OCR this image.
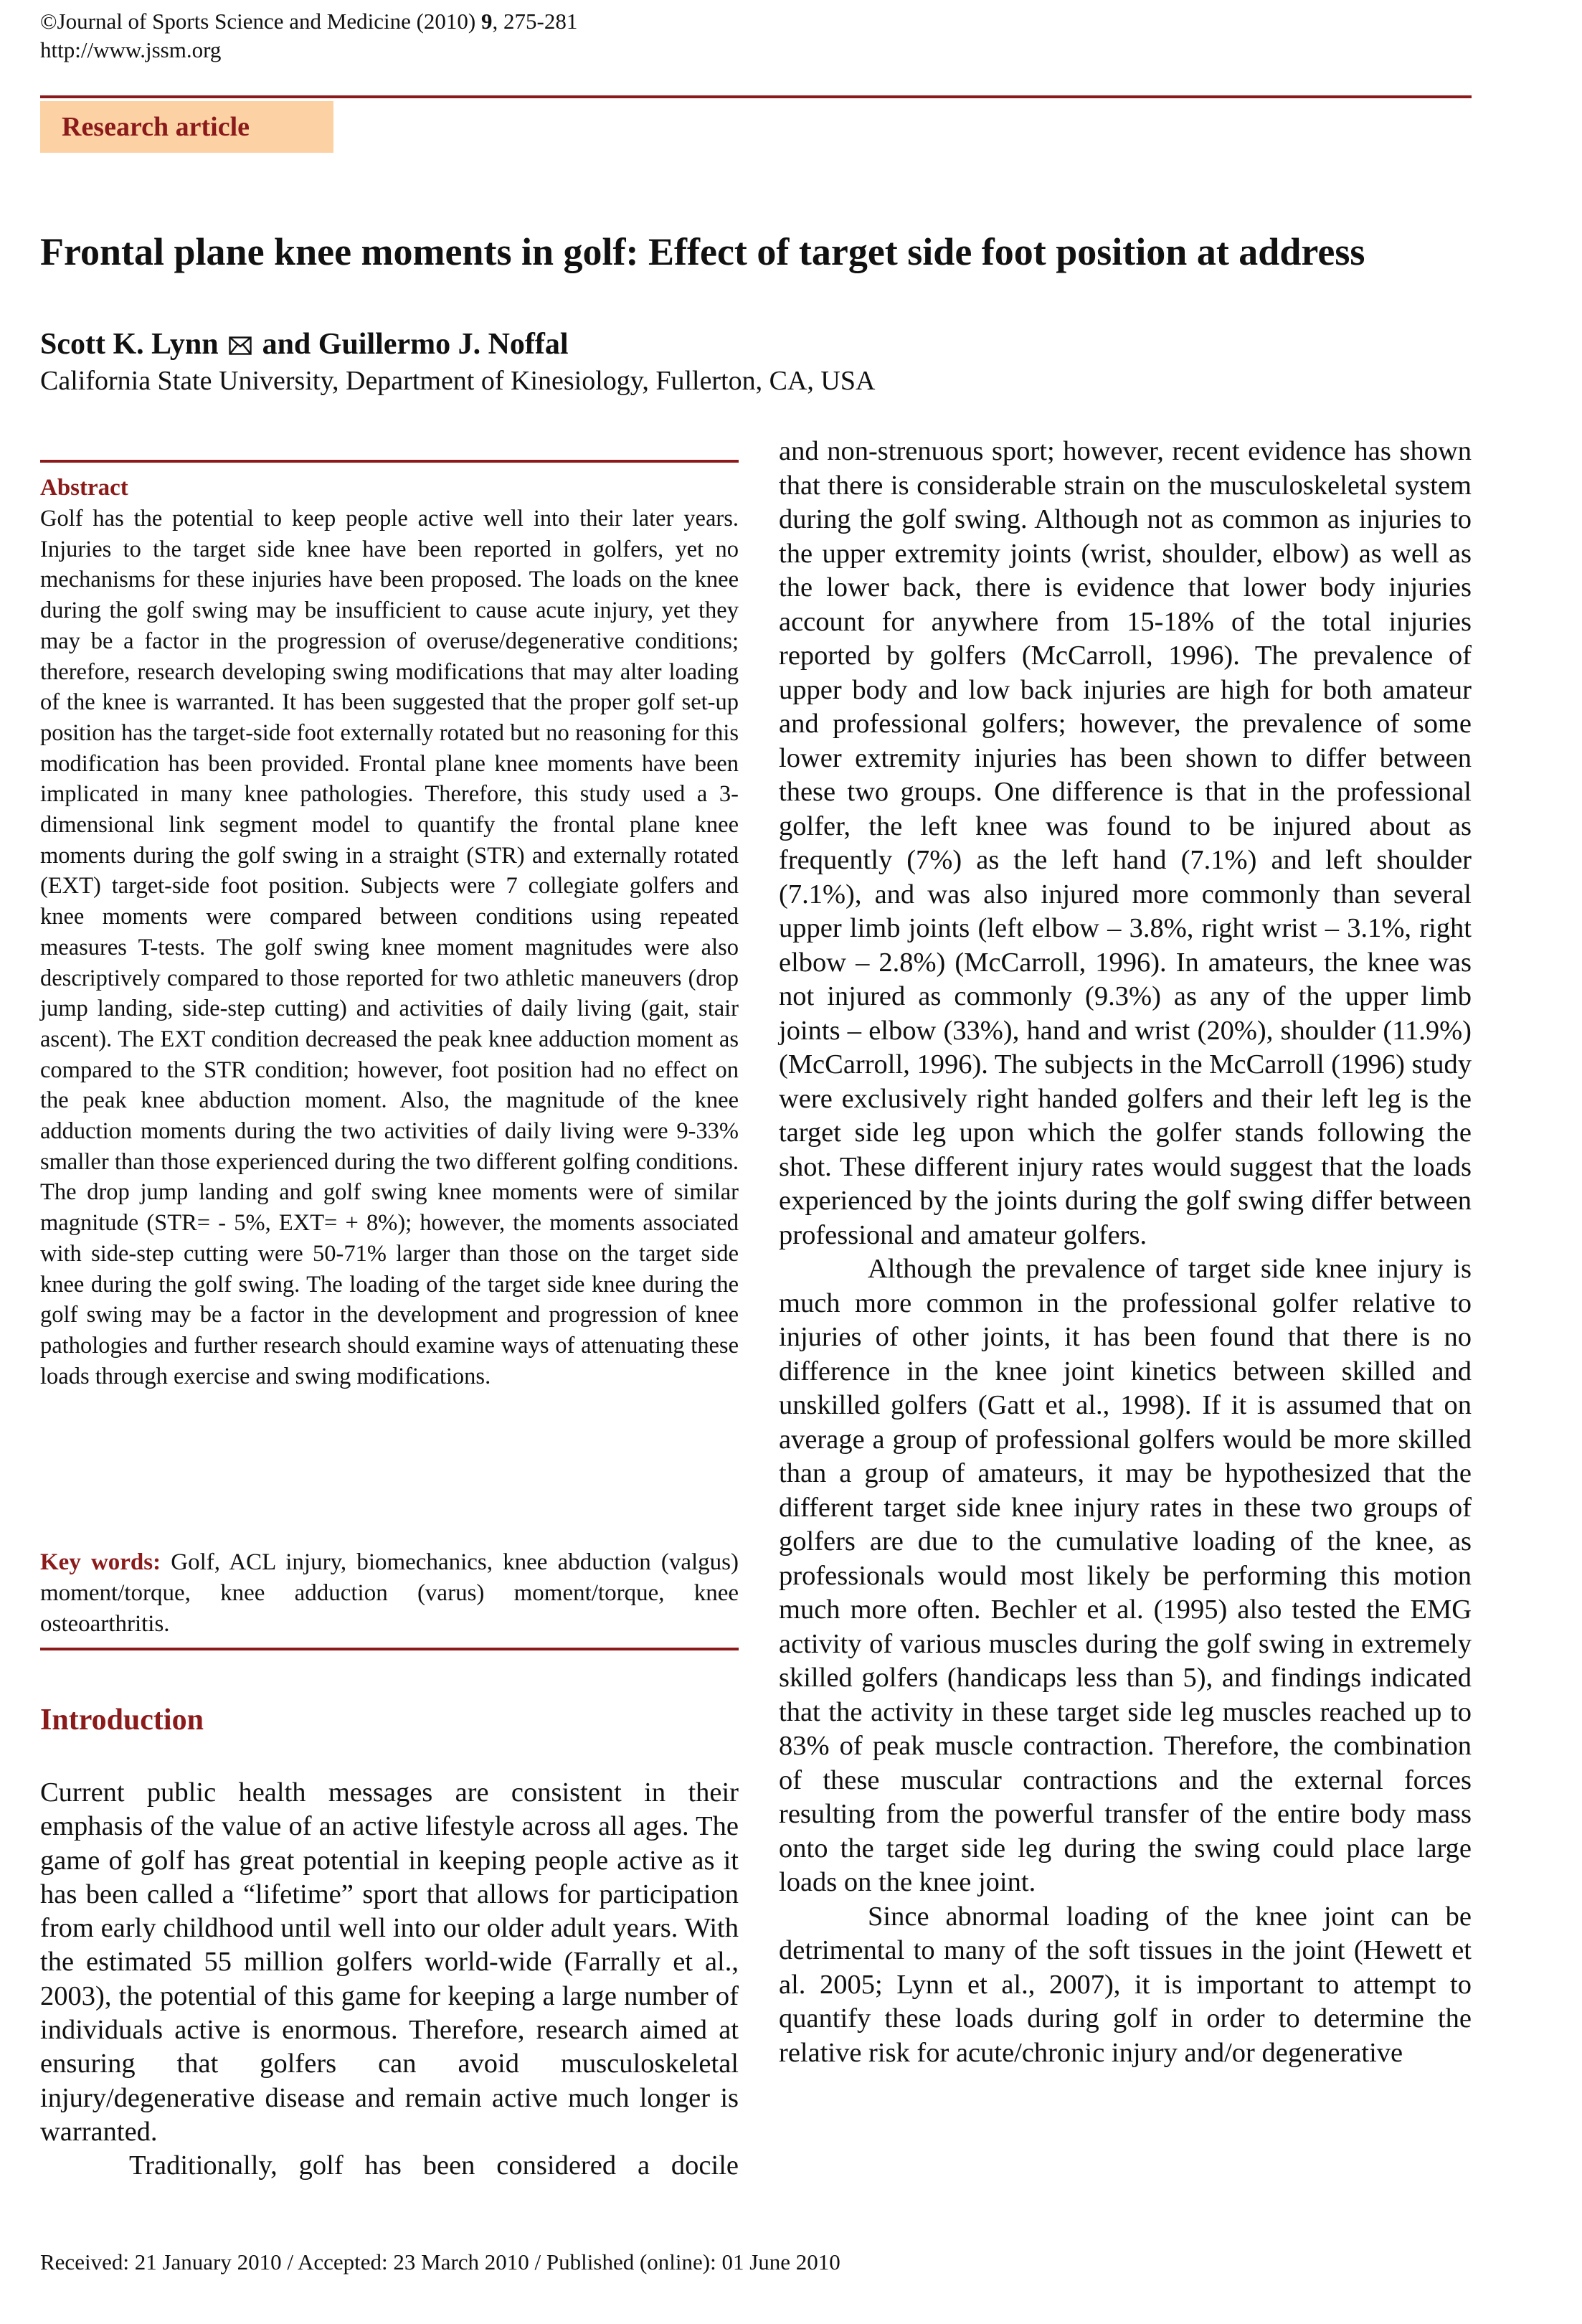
©Journal of Sports Science and Medicine (2010) 9, 275-281
http://www.jssm.org
Research article
Frontal plane knee moments in golf: Effect of target side foot position at address
Scott K. Lynn and Guillermo J. Noffal
California State University, Department of Kinesiology, Fullerton, CA, USA
Abstract
Golf has the potential to keep people active well into their later years. Injuries to the target side knee have been reported in golfers, yet no mechanisms for these injuries have been proposed. The loads on the knee during the golf swing may be insufficient to cause acute injury, yet they may be a factor in the progression of overuse/degenerative conditions; therefore, research developing swing modifications that may alter loading of the knee is warranted. It has been suggested that the proper golf set-up position has the target-side foot externally rotated but no reasoning for this modification has been provided. Frontal plane knee moments have been implicated in many knee pathologies. Therefore, this study used a 3-dimensional link segment model to quantify the frontal plane knee moments during the golf swing in a straight (STR) and externally rotated (EXT) target-side foot position. Subjects were 7 collegiate golfers and knee moments were compared between conditions using repeated measures T-tests. The golf swing knee moment magnitudes were also descriptively compared to those reported for two athletic maneuvers (drop jump landing, side-step cutting) and activities of daily living (gait, stair ascent). The EXT condition decreased the peak knee adduction moment as compared to the STR condition; however, foot position had no effect on the peak knee abduction moment. Also, the magnitude of the knee adduction moments during the two activities of daily living were 9-33% smaller than those experienced during the two different golfing conditions. The drop jump landing and golf swing knee moments were of similar magnitude (STR= - 5%, EXT= + 8%); however, the moments associated with side-step cutting were 50-71% larger than those on the target side knee during the golf swing. The loading of the target side knee during the golf swing may be a factor in the development and progression of knee pathologies and further research should examine ways of attenuating these loads through exercise and swing modifications.
Key words: Golf, ACL injury, biomechanics, knee abduction (valgus) moment/torque, knee adduction (varus) moment/torque, knee osteoarthritis.
Introduction

Current public health messages are consistent in their emphasis of the value of an active lifestyle across all ages. The game of golf has great potential in keeping people active as it has been called a “lifetime” sport that allows for participation from early childhood until well into our older adult years. With the estimated 55 million golfers world-wide (Farrally et al., 2003), the potential of this game for keeping a large number of individuals active is enormous. Therefore, research aimed at ensuring that golfers can avoid musculoskeletal injury/degenerative disease and remain active much longer is warranted.

Traditionally, golf has been considered a docile

and non-strenuous sport; however, recent evidence has shown that there is considerable strain on the musculoskeletal system during the golf swing. Although not as common as injuries to the upper extremity joints (wrist, shoulder, elbow) as well as the lower back, there is evidence that lower body injuries account for anywhere from 15-18% of the total injuries reported by golfers (McCarroll, 1996). The prevalence of upper body and low back injuries are high for both amateur and professional golfers; however, the prevalence of some lower extremity injuries has been shown to differ between these two groups. One difference is that in the professional golfer, the left knee was found to be injured about as frequently (7%) as the left hand (7.1%) and left shoulder (7.1%), and was also injured more commonly than several upper limb joints (left elbow – 3.8%, right wrist – 3.1%, right elbow – 2.8%) (McCarroll, 1996). In amateurs, the knee was not injured as commonly (9.3%) as any of the upper limb joints – elbow (33%), hand and wrist (20%), shoulder (11.9%) (McCarroll, 1996). The subjects in the McCarroll (1996) study were exclusively right handed golfers and their left leg is the target side leg upon which the golfer stands following the shot. These different injury rates would suggest that the loads experienced by the joints during the golf swing differ between professional and amateur golfers.

Although the prevalence of target side knee injury is much more common in the professional golfer relative to injuries of other joints, it has been found that there is no difference in the knee joint kinetics between skilled and unskilled golfers (Gatt et al., 1998). If it is assumed that on average a group of professional golfers would be more skilled than a group of amateurs, it may be hypothesized that the different target side knee injury rates in these two groups of golfers are due to the cumulative loading of the knee, as professionals would most likely be performing this motion much more often. Bechler et al. (1995) also tested the EMG activity of various muscles during the golf swing in extremely skilled golfers (handicaps less than 5), and findings indicated that the activity in these target side leg muscles reached up to 83% of peak muscle contraction. Therefore, the combination of these muscular contractions and the external forces resulting from the powerful transfer of the entire body mass onto the target side leg during the swing could place large loads on the knee joint.

Since abnormal loading of the knee joint can be detrimental to many of the soft tissues in the joint (Hewett et al. 2005; Lynn et al., 2007), it is important to attempt to quantify these loads during golf in order to determine the relative risk for acute/chronic injury and/or degenerative

Received: 21 January 2010 / Accepted: 23 March 2010 / Published (online): 01 June 2010
